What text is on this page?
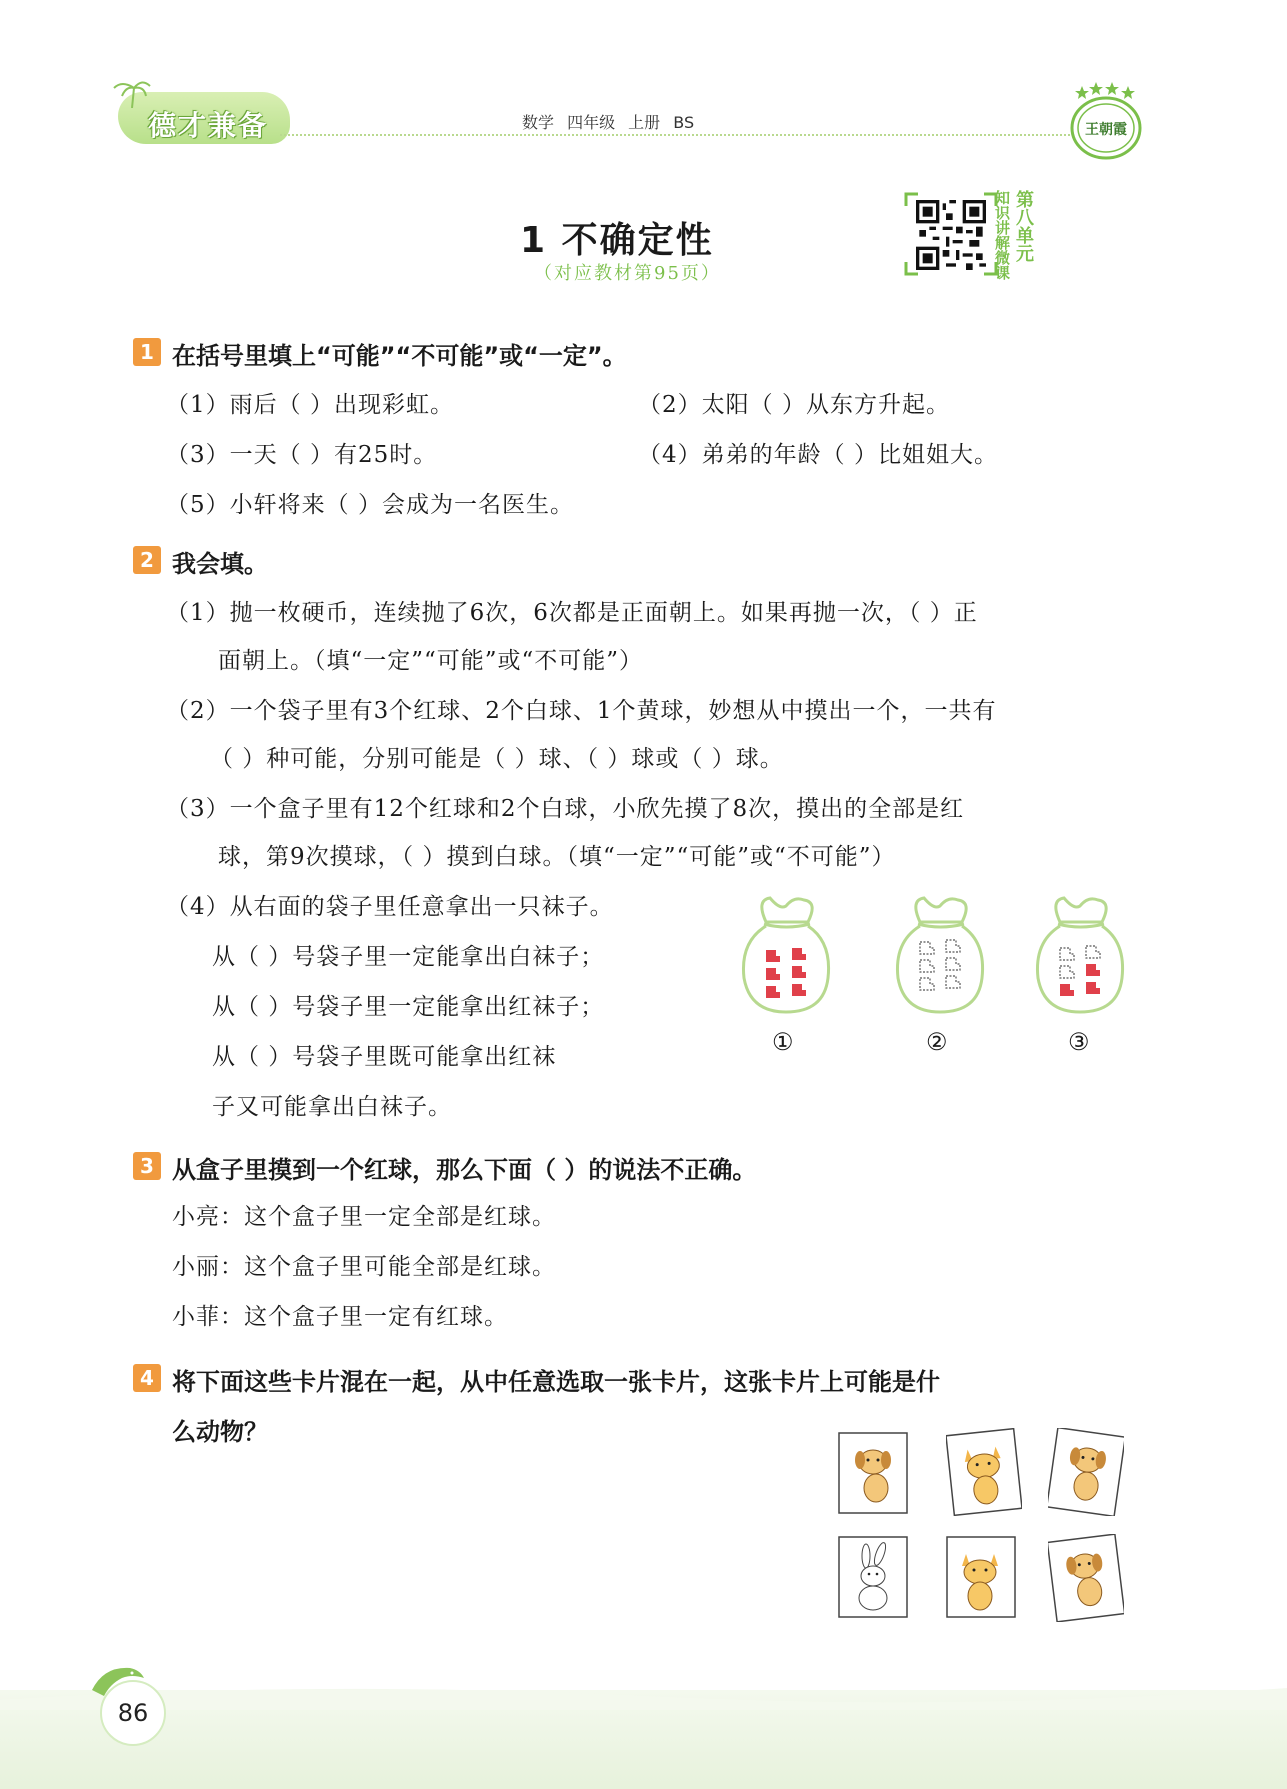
德才兼备	数学 四年级 上册 BS	王朝霞
1 不确定性
（对应教材第95页）	知识讲解微课 第八单元
1 在括号里填上“可能”“不可能”或“一定”。
（1）雨后（ ）出现彩虹。	（2）太阳（ ）从东方升起。
（3）一天（ ）有25时。	（4）弟弟的年龄（ ）比姐姐大。
（5）小轩将来（ ）会成为一名医生。
2 我会填。
（1）抛一枚硬币，连续抛了6次，6次都是正面朝上。如果再抛一次，（ ）正
面朝上。（填“一定”“可能”或“不可能”）
（2）一个袋子里有3个红球、2个白球、1个黄球，妙想从中摸出一个，一共有
（ ）种可能，分别可能是（ ）球、（ ）球或（ ）球。
（3）一个盒子里有12个红球和2个白球，小欣先摸了8次，摸出的全部是红
球，第9次摸球，（ ）摸到白球。（填“一定”“可能”或“不可能”）
（4）从右面的袋子里任意拿出一只袜子。
从（ ）号袋子里一定能拿出白袜子；
从（ ）号袋子里一定能拿出红袜子；
从（ ）号袋子里既可能拿出红袜
子又可能拿出白袜子。
①	②	③
3 从盒子里摸到一个红球，那么下面（ ）的说法不正确。
小亮：这个盒子里一定全部是红球。
小丽：这个盒子里可能全部是红球。
小菲：这个盒子里一定有红球。
4 将下面这些卡片混在一起，从中任意选取一张卡片，这张卡片上可能是什
么动物？
86
